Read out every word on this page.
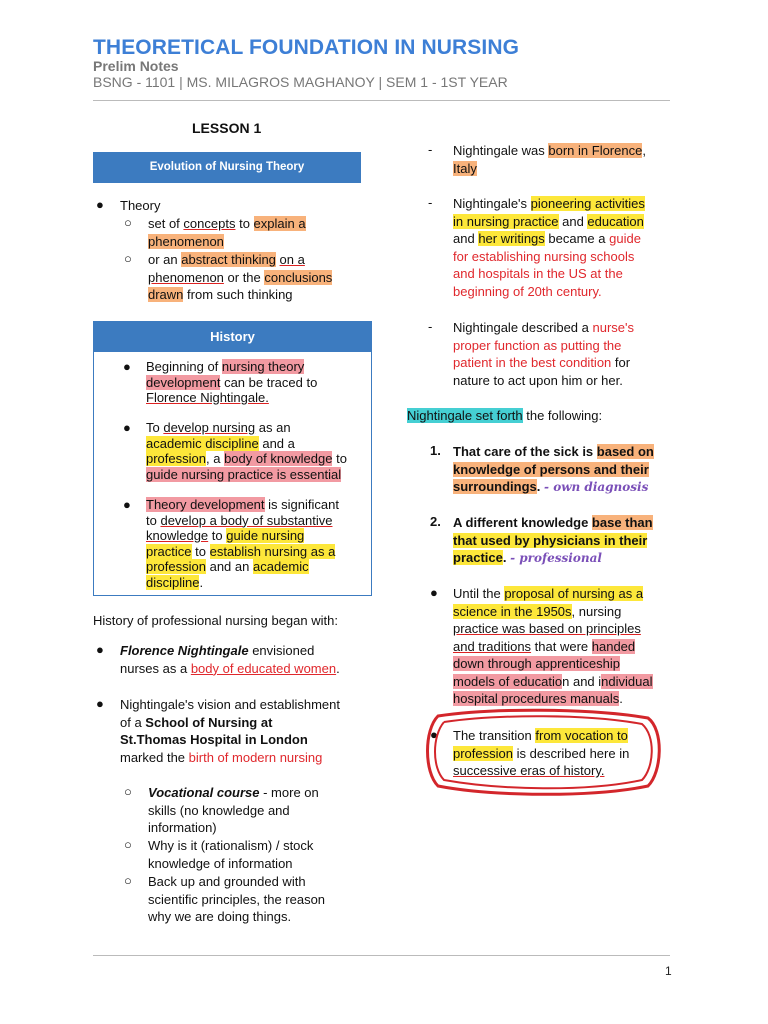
THEORETICAL FOUNDATION IN NURSING
Prelim Notes
BSNG - 1101 | MS. MILAGROS MAGHANOY | SEM 1 - 1ST YEAR
LESSON 1
Evolution of Nursing Theory
● Theory
○ set of concepts to explain a
phenomenon
○ or an abstract thinking on a
phenomenon or the conclusions
drawn from such thinking
History
● Beginning of nursing theory
development can be traced to
Florence Nightingale.
● To develop nursing as an
academic discipline and a
profession, a body of knowledge to
guide nursing practice is essential
● Theory development is significant
to develop a body of substantive
knowledge to guide nursing
practice to establish nursing as a
profession and an academic
discipline.
History of professional nursing began with:
● Florence Nightingale envisioned
nurses as a body of educated women.
● Nightingale's vision and establishment
of a School of Nursing at
St.Thomas Hospital in London
marked the birth of modern nursing
○ Vocational course - more on
skills (no knowledge and
information)
○ Why is it (rationalism) / stock
knowledge of information
○ Back up and grounded with
scientific principles, the reason
why we are doing things.
- Nightingale was born in Florence,
Italy
- Nightingale's pioneering activities
in nursing practice and education
and her writings became a guide
for establishing nursing schools
and hospitals in the US at the
beginning of 20th century.
- Nightingale described a nurse's
proper function as putting the
patient in the best condition for
nature to act upon him or her.
Nightingale set forth the following:
1. That care of the sick is based on
knowledge of persons and their
surroundings. - own diagnosis
2. A different knowledge base than
that used by physicians in their
practice. - professional
● Until the proposal of nursing as a
science in the 1950s, nursing
practice was based on principles
and traditions that were handed
down through apprenticeship
models of education and individual
hospital procedures manuals.
● The transition from vocation to
profession is described here in
successive eras of history.
1
